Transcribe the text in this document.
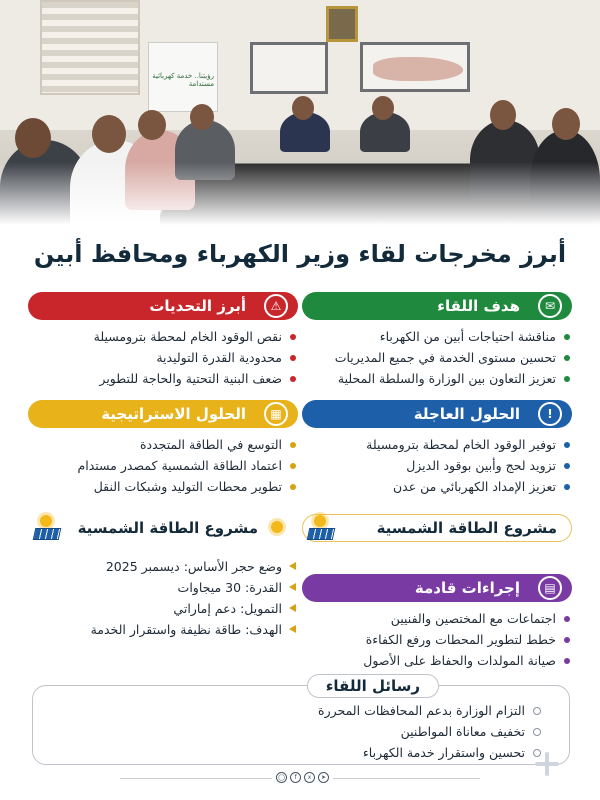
رؤيتنا.. خدمة كهربائية مستدامة
أبرز مخرجات لقاء وزير الكهرباء ومحافظ أبين
✉
هدف اللقاء
مناقشة احتياجات أبين من الكهرباء
تحسين مستوى الخدمة في جميع المديريات
تعزيز التعاون بين الوزارة والسلطة المحلية
!
الحلول العاجلة
توفير الوقود الخام لمحطة بترومسيلة
تزويد لحج وأبين بوقود الديزل
تعزيز الإمداد الكهربائي من عدن
مشروع الطاقة الشمسية
▤
إجراءات قادمة
اجتماعات مع المختصين والفنيين
خطط لتطوير المحطات ورفع الكفاءة
صيانة المولدات والحفاظ على الأصول
⚠
أبرز التحديات
نقص الوقود الخام لمحطة بترومسيلة
محدودية القدرة التوليدية
ضعف البنية التحتية والحاجة للتطوير
▦
الحلول الاستراتيجية
التوسع في الطاقة المتجددة
اعتماد الطاقة الشمسية كمصدر مستدام
تطوير محطات التوليد وشبكات النقل
مشروع الطاقة الشمسية
وضع حجر الأساس: ديسمبر 2025
القدرة: 30 ميجاوات
التمويل: دعم إماراتي
الهدف: طاقة نظيفة واستقرار الخدمة
رسائل اللقاء
التزام الوزارة بدعم المحافظات المحررة
تخفيف معاناة المواطنين
تحسين واستقرار خدمة الكهرباء
◯	f	x	➤
